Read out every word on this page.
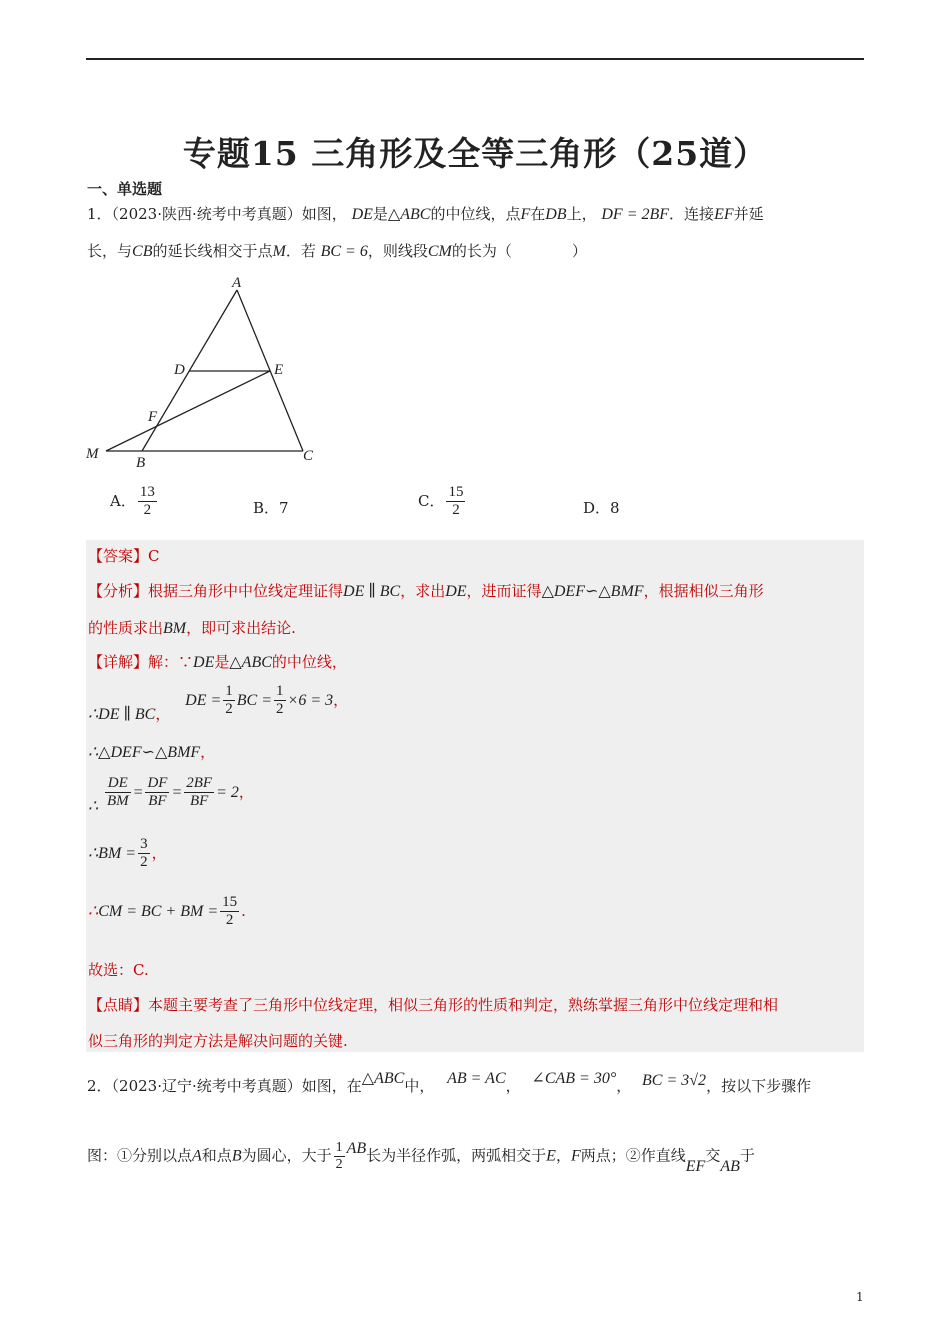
专题15 三角形及全等三角形（25道）
一、单选题
1．（2023·陕西·统考中考真题）如图， DE是△ABC的中位线，点F在DB上， DF = 2BF．连接EF并延
长，与CB的延长线相交于点M．若 BC = 6，则线段CM的长为（　　　　）
A
B	C
D	E
F
M
A． $\frac{13}{2}$	B．7	C． $\frac{15}{2}$	D．8
【答案】C
【分析】根据三角形中中位线定理证得DE ∥ BC，求出DE，进而证得△DEF∽△BMF，根据相似三角形
的性质求出BM，即可求出结论.
【详解】解：∵DE是△ABC的中位线，
∴DE ∥ BC， DE = $\frac{1}{2}$ BC = $\frac{1}{2} \times 6 = 3$，
∴△DEF∽△BMF，
∴ $\frac{DE}{BM} = \frac{DF}{BF} = \frac{2BF}{BF} = 2$，
∴BM = $\frac{3}{2}$ ，
∴CM = BC + BM = $\frac{15}{2}$ .
故选：C.
【点睛】本题主要考查了三角形中位线定理，相似三角形的性质和判定，熟练掌握三角形中位线定理和相
似三角形的判定方法是解决问题的关键.
2．（2023·辽宁·统考中考真题）如图，在△ABC中， AB = AC， ∠CAB = 30°， BC = 3√2，按以下步骤作
图：①分别以点A和点B为圆心，大于 $\frac{1}{2}$ AB长为半径作弧，两弧相交于E，F两点；②作直线EF交AB于
1
